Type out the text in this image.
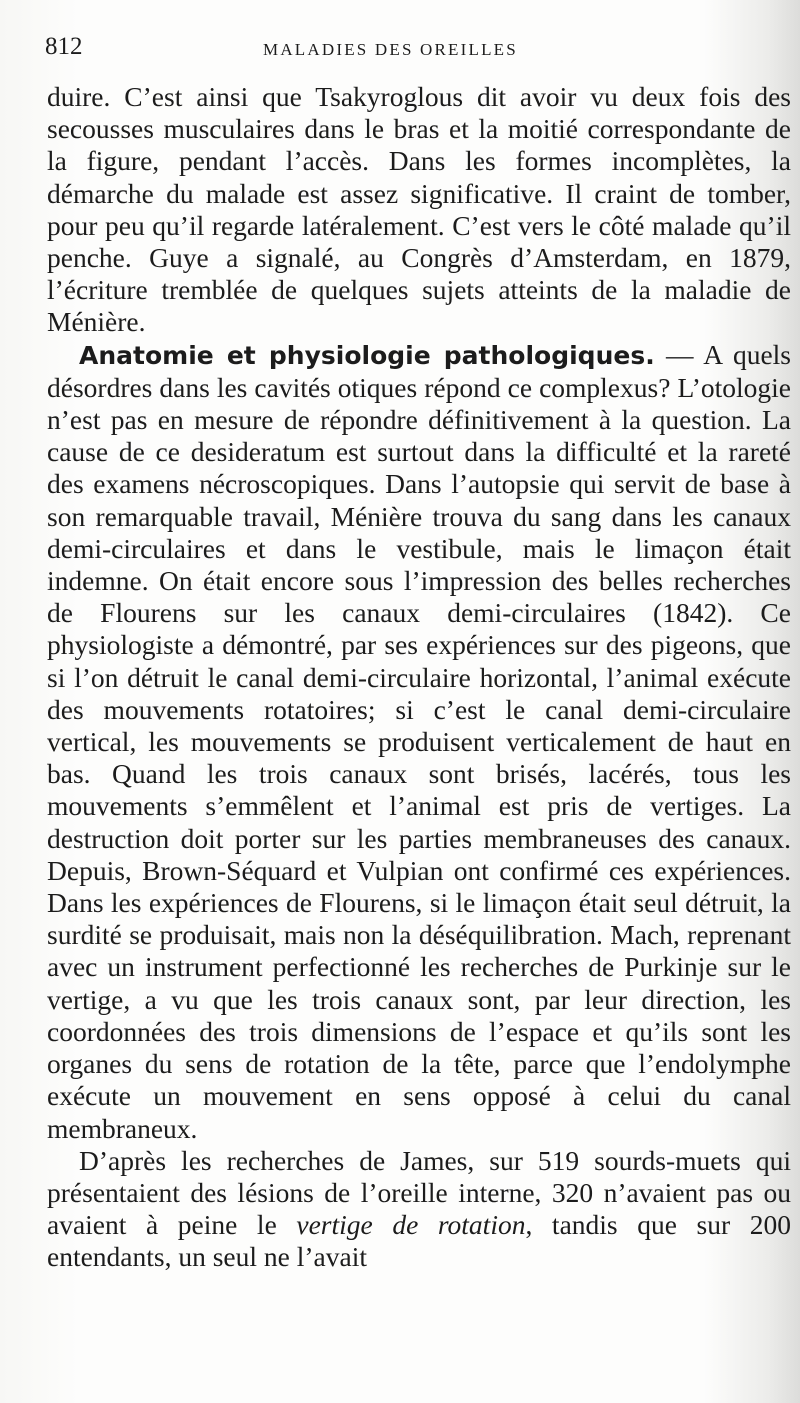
812	MALADIES DES OREILLES

duire. C’est ainsi que Tsakyroglous dit avoir vu deux fois des secousses musculaires dans le bras et la moitié correspondante de la figure, pendant l’accès. Dans les formes incomplètes, la démarche du malade est assez significative. Il craint de tomber, pour peu qu’il regarde latéralement. C’est vers le côté malade qu’il penche. Guye a signalé, au Congrès d’Amsterdam, en 1879, l’écriture tremblée de quelques sujets atteints de la maladie de Ménière.

Anatomie et physiologie pathologiques. — A quels désordres dans les cavités otiques répond ce complexus? L’otologie n’est pas en mesure de répondre définitivement à la question. La cause de ce desideratum est surtout dans la difficulté et la rareté des examens nécroscopiques. Dans l’autopsie qui servit de base à son remarquable travail, Ménière trouva du sang dans les canaux demi-circulaires et dans le vestibule, mais le limaçon était indemne. On était encore sous l’impression des belles recherches de Flourens sur les canaux demi-circulaires (1842). Ce physiologiste a démontré, par ses expériences sur des pigeons, que si l’on détruit le canal demi-circulaire horizontal, l’animal exécute des mouvements rotatoires; si c’est le canal demi-circulaire vertical, les mouvements se produisent verticalement de haut en bas. Quand les trois canaux sont brisés, lacérés, tous les mouvements s’emmêlent et l’animal est pris de vertiges. La destruction doit porter sur les parties membraneuses des canaux. Depuis, Brown-Séquard et Vulpian ont confirmé ces expériences. Dans les expériences de Flourens, si le limaçon était seul détruit, la surdité se produisait, mais non la déséquilibration. Mach, reprenant avec un instrument perfectionné les recherches de Purkinje sur le vertige, a vu que les trois canaux sont, par leur direction, les coordonnées des trois dimensions de l’espace et qu’ils sont les organes du sens de rotation de la tête, parce que l’endolymphe exécute un mouvement en sens opposé à celui du canal membraneux.

D’après les recherches de James, sur 519 sourds-muets qui présentaient des lésions de l’oreille interne, 320 n’avaient pas ou avaient à peine le vertige de rotation, tandis que sur 200 entendants, un seul ne l’avait
